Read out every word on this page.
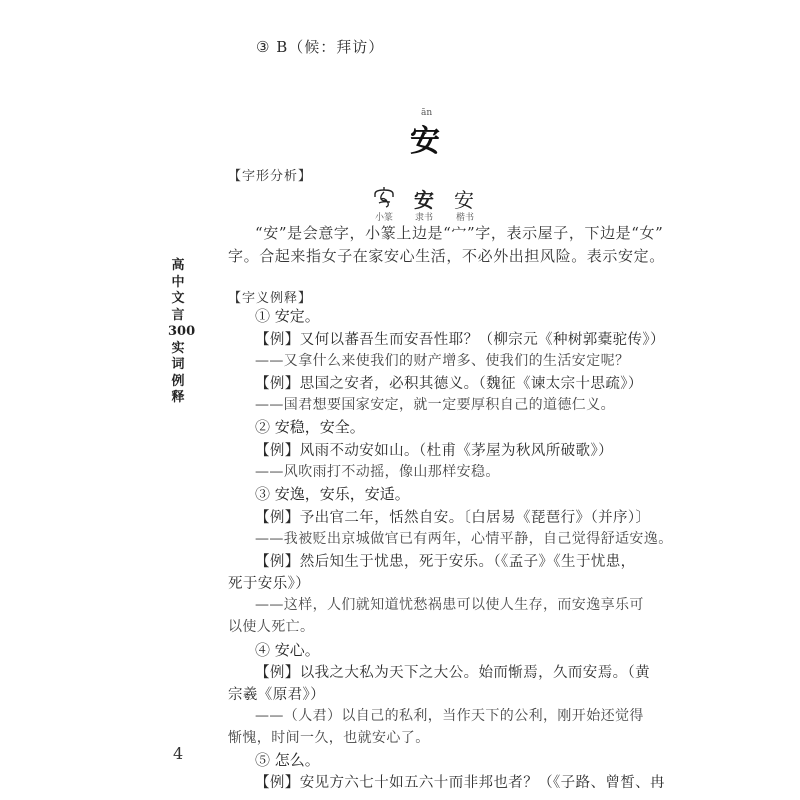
③ B（候：拜访）
ān
安
【字形分析】
小篆
安
隶书
安
楷书
“安”是会意字，小篆上边是“宀”字，表示屋子，下边是“女”
字。合起来指女子在家安心生活，不必外出担风险。表示安定。
高中文言300实词例释
【字义例释】
① 安定。
【例】又何以蕃吾生而安吾性耶？（柳宗元《种树郭橐驼传》）
——又拿什么来使我们的财产增多、使我们的生活安定呢？
【例】思国之安者，必积其德义。（魏征《谏太宗十思疏》）
——国君想要国家安定，就一定要厚积自己的道德仁义。
② 安稳，安全。
【例】风雨不动安如山。（杜甫《茅屋为秋风所破歌》）
——风吹雨打不动摇，像山那样安稳。
③ 安逸，安乐，安适。
【例】予出官二年，恬然自安。〔白居易《琵琶行》（并序）〕
——我被贬出京城做官已有两年，心情平静，自己觉得舒适安逸。
【例】然后知生于忧患，死于安乐。（《孟子》《生于忧患，
死于安乐》）
——这样，人们就知道忧愁祸患可以使人生存，而安逸享乐可
以使人死亡。
④ 安心。
【例】以我之大私为天下之大公。始而惭焉，久而安焉。（黄
宗羲《原君》）
——（人君）以自己的私利，当作天下的公利，刚开始还觉得
惭愧，时间一久，也就安心了。
⑤ 怎么。
【例】安见方六七十如五六十而非邦也者？（《子路、曾皙、冉
4
